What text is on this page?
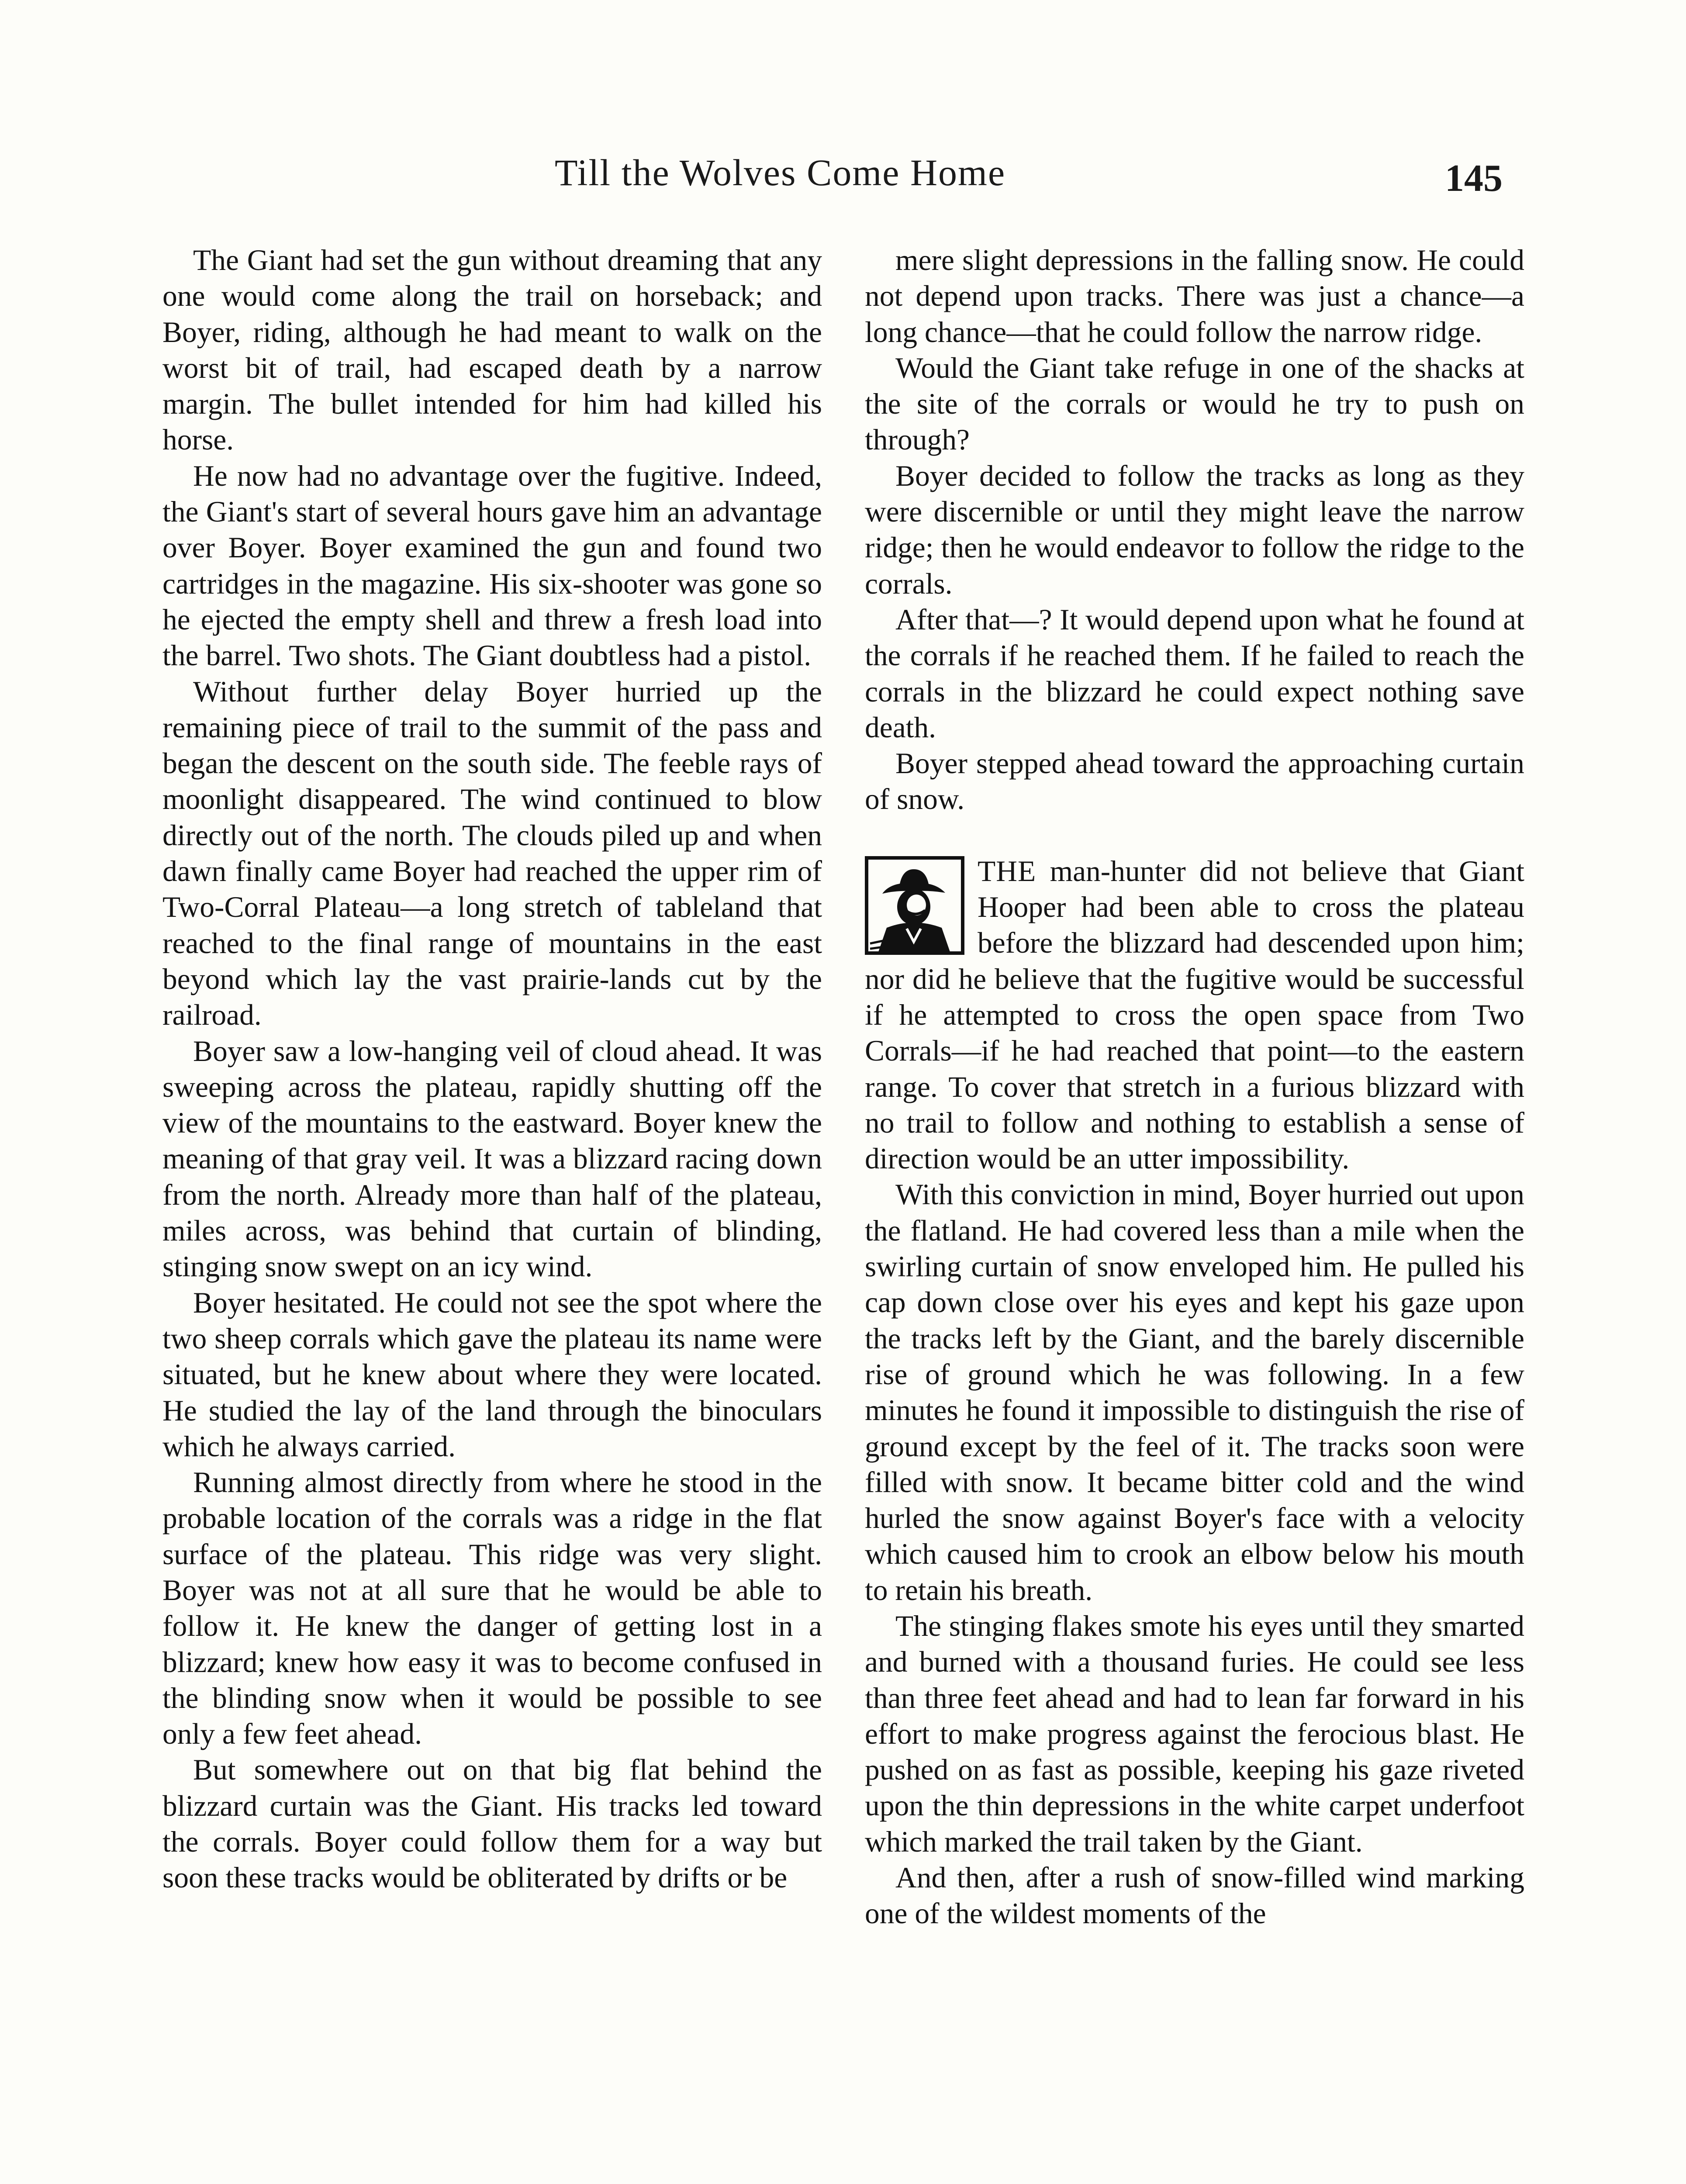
Till the Wolves Come Home	145

The Giant had set the gun without dreaming that any one would come along the trail on horseback; and Boyer, riding, although he had meant to walk on the worst bit of trail, had escaped death by a narrow margin. The bullet intended for him had killed his horse.

He now had no advantage over the fugitive. Indeed, the Giant's start of several hours gave him an advantage over Boyer. Boyer examined the gun and found two cartridges in the magazine. His six-shooter was gone so he ejected the empty shell and threw a fresh load into the barrel. Two shots. The Giant doubtless had a pistol.

Without further delay Boyer hurried up the remaining piece of trail to the summit of the pass and began the descent on the south side. The feeble rays of moonlight disappeared. The wind continued to blow directly out of the north. The clouds piled up and when dawn finally came Boyer had reached the upper rim of Two-Corral Plateau—a long stretch of tableland that reached to the final range of mountains in the east beyond which lay the vast prairie-lands cut by the railroad.

Boyer saw a low-hanging veil of cloud ahead. It was sweeping across the plateau, rapidly shutting off the view of the mountains to the eastward. Boyer knew the meaning of that gray veil. It was a blizzard racing down from the north. Already more than half of the plateau, miles across, was behind that curtain of blinding, stinging snow swept on an icy wind.

Boyer hesitated. He could not see the spot where the two sheep corrals which gave the plateau its name were situated, but he knew about where they were located. He studied the lay of the land through the binoculars which he always carried.

Running almost directly from where he stood in the probable location of the corrals was a ridge in the flat surface of the plateau. This ridge was very slight. Boyer was not at all sure that he would be able to follow it. He knew the danger of getting lost in a blizzard; knew how easy it was to become confused in the blinding snow when it would be possible to see only a few feet ahead.

But somewhere out on that big flat behind the blizzard curtain was the Giant. His tracks led toward the corrals. Boyer could follow them for a way but soon these tracks would be obliterated by drifts or be

mere slight depressions in the falling snow. He could not depend upon tracks. There was just a chance—a long chance—that he could follow the narrow ridge.

Would the Giant take refuge in one of the shacks at the site of the corrals or would he try to push on through?

Boyer decided to follow the tracks as long as they were discernible or until they might leave the narrow ridge; then he would endeavor to follow the ridge to the corrals.

After that—? It would depend upon what he found at the corrals if he reached them. If he failed to reach the corrals in the blizzard he could expect nothing save death.

Boyer stepped ahead toward the approaching curtain of snow.

THE man-hunter did not believe that Giant Hooper had been able to cross the plateau before the blizzard had descended upon him; nor did he believe that the fugitive would be successful if he attempted to cross the open space from Two Corrals—if he had reached that point—to the eastern range. To cover that stretch in a furious blizzard with no trail to follow and nothing to establish a sense of direction would be an utter impossibility.

With this conviction in mind, Boyer hurried out upon the flatland. He had covered less than a mile when the swirling curtain of snow enveloped him. He pulled his cap down close over his eyes and kept his gaze upon the tracks left by the Giant, and the barely discernible rise of ground which he was following. In a few minutes he found it impossible to distinguish the rise of ground except by the feel of it. The tracks soon were filled with snow. It became bitter cold and the wind hurled the snow against Boyer's face with a velocity which caused him to crook an elbow below his mouth to retain his breath.

The stinging flakes smote his eyes until they smarted and burned with a thousand furies. He could see less than three feet ahead and had to lean far forward in his effort to make progress against the ferocious blast. He pushed on as fast as possible, keeping his gaze riveted upon the thin depressions in the white carpet underfoot which marked the trail taken by the Giant.

And then, after a rush of snow-filled wind marking one of the wildest moments of the
